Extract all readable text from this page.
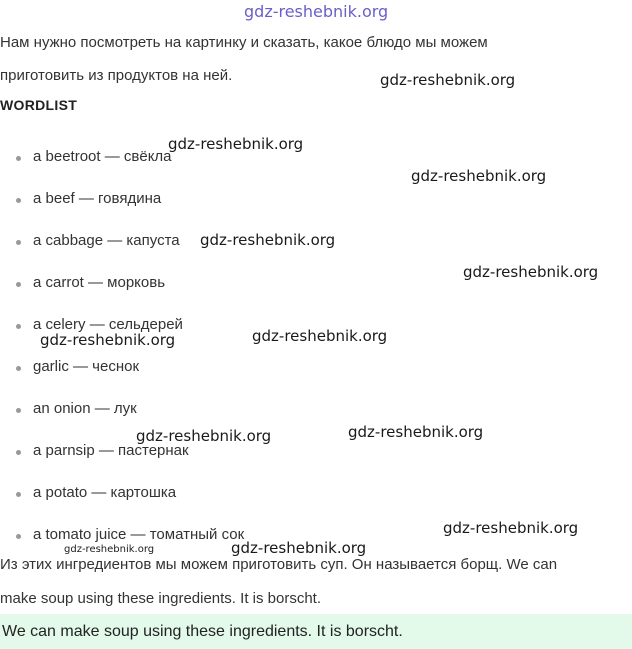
gdz-reshebnik.org
Нам нужно посмотреть на картинку и сказать, какое блюдо мы можем
приготовить из продуктов на ней.
WORDLIST
a beetroot — свёкла
a beef — говядина
a cabbage — капуста
a carrot — морковь
a celery — сельдерей
garlic — чеснок
an onion — лук
a parnsip — пастернак
a potato — картошка
a tomato juice — томатный сок
Из этих ингредиентов мы можем приготовить суп. Он называется борщ. We can
make soup using these ingredients. It is borscht.
We can make soup using these ingredients. It is borscht.
gdz-reshebnik.org
gdz-reshebnik.org
gdz-reshebnik.org
gdz-reshebnik.org
gdz-reshebnik.org
gdz-reshebnik.org
gdz-reshebnik.org
gdz-reshebnik.org
gdz-reshebnik.org
gdz-reshebnik.org
gdz-reshebnik.org	gdz-reshebnik.org
